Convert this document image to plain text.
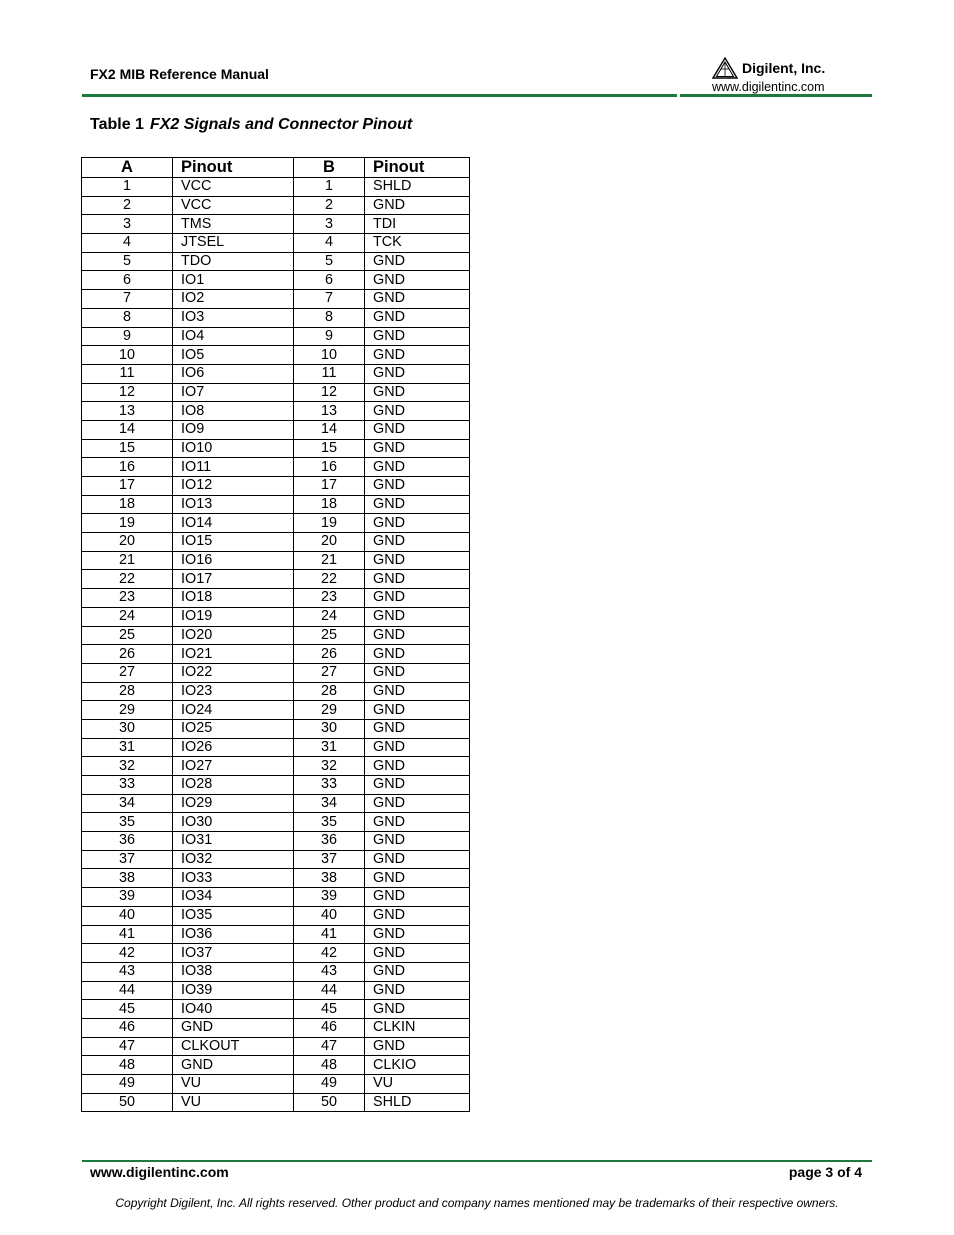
FX2 MIB Reference Manual	Digilent, Inc.
www.digilentinc.com
Table 1 FX2 Signals and Connector Pinout
A	Pinout	B	Pinout
1	VCC	1	SHLD
2	VCC	2	GND
3	TMS	3	TDI
4	JTSEL	4	TCK
5	TDO	5	GND
6	IO1	6	GND
7	IO2	7	GND
8	IO3	8	GND
9	IO4	9	GND
10	IO5	10	GND
11	IO6	11	GND
12	IO7	12	GND
13	IO8	13	GND
14	IO9	14	GND
15	IO10	15	GND
16	IO11	16	GND
17	IO12	17	GND
18	IO13	18	GND
19	IO14	19	GND
20	IO15	20	GND
21	IO16	21	GND
22	IO17	22	GND
23	IO18	23	GND
24	IO19	24	GND
25	IO20	25	GND
26	IO21	26	GND
27	IO22	27	GND
28	IO23	28	GND
29	IO24	29	GND
30	IO25	30	GND
31	IO26	31	GND
32	IO27	32	GND
33	IO28	33	GND
34	IO29	34	GND
35	IO30	35	GND
36	IO31	36	GND
37	IO32	37	GND
38	IO33	38	GND
39	IO34	39	GND
40	IO35	40	GND
41	IO36	41	GND
42	IO37	42	GND
43	IO38	43	GND
44	IO39	44	GND
45	IO40	45	GND
46	GND	46	CLKIN
47	CLKOUT	47	GND
48	GND	48	CLKIO
49	VU	49	VU
50	VU	50	SHLD
www.digilentinc.com	page 3 of 4
Copyright Digilent, Inc. All rights reserved. Other product and company names mentioned may be trademarks of their respective owners.
